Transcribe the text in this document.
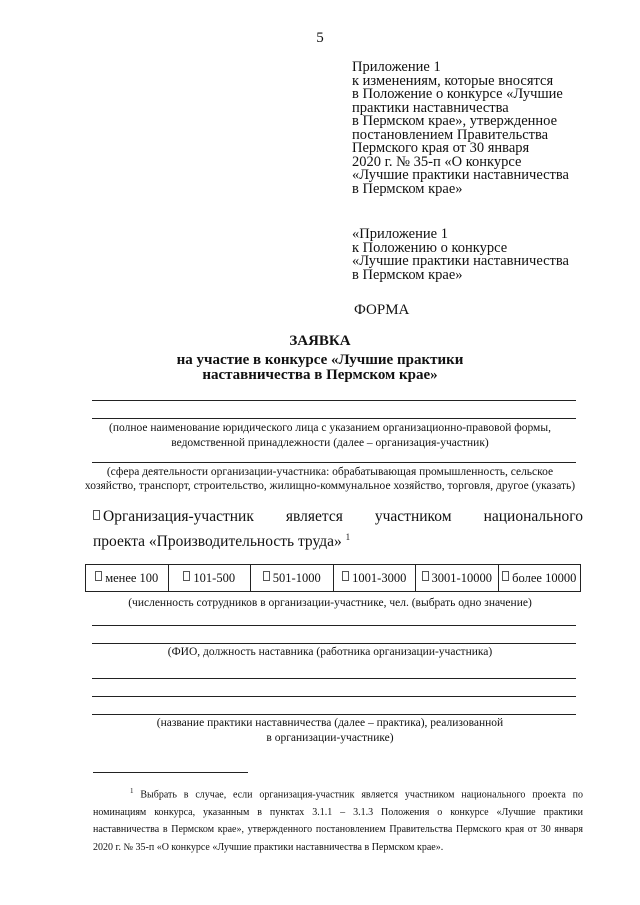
5
Приложение 1
к изменениям, которые вносятся
в Положение о конкурсе «Лучшие
практики наставничества
в Пермском крае», утвержденное
постановлением Правительства
Пермского края от 30 января
2020 г. № 35-п «О конкурсе
«Лучшие практики наставничества
в Пермском крае»
«Приложение 1
к Положению о конкурсе
«Лучшие практики наставничества
в Пермском крае»
ФОРМА
ЗАЯВКА
на участие в конкурсе «Лучшие практики
наставничества в Пермском крае»
(полное наименование юридического лица с указанием организационно-правовой формы, ведомственной принадлежности (далее – организация-участник)
(сфера деятельности организации-участника: обрабатывающая промышленность, сельское хозяйство, транспорт, строительство, жилищно-коммунальное хозяйство, торговля, другое (указать)
Организация-участник является участником национального
проекта «Производительность труда» $^1$
менее 100	101-500	501-1000	1001-3000	3001-10000	более 10000
(численность сотрудников в организации-участнике, чел. (выбрать одно значение)
(ФИО, должность наставника (работника организации-участника)
(название практики наставничества (далее – практика), реализованной
в организации-участнике)
$^1$ Выбрать в случае, если организация-участник является участником национального проекта по номинациям конкурса, указанным в пунктах 3.1.1 – 3.1.3 Положения о конкурсе «Лучшие практики наставничества в Пермском крае», утвержденного постановлением Правительства Пермского края от 30 января 2020 г. № 35-п «О конкурсе «Лучшие практики наставничества в Пермском крае».
